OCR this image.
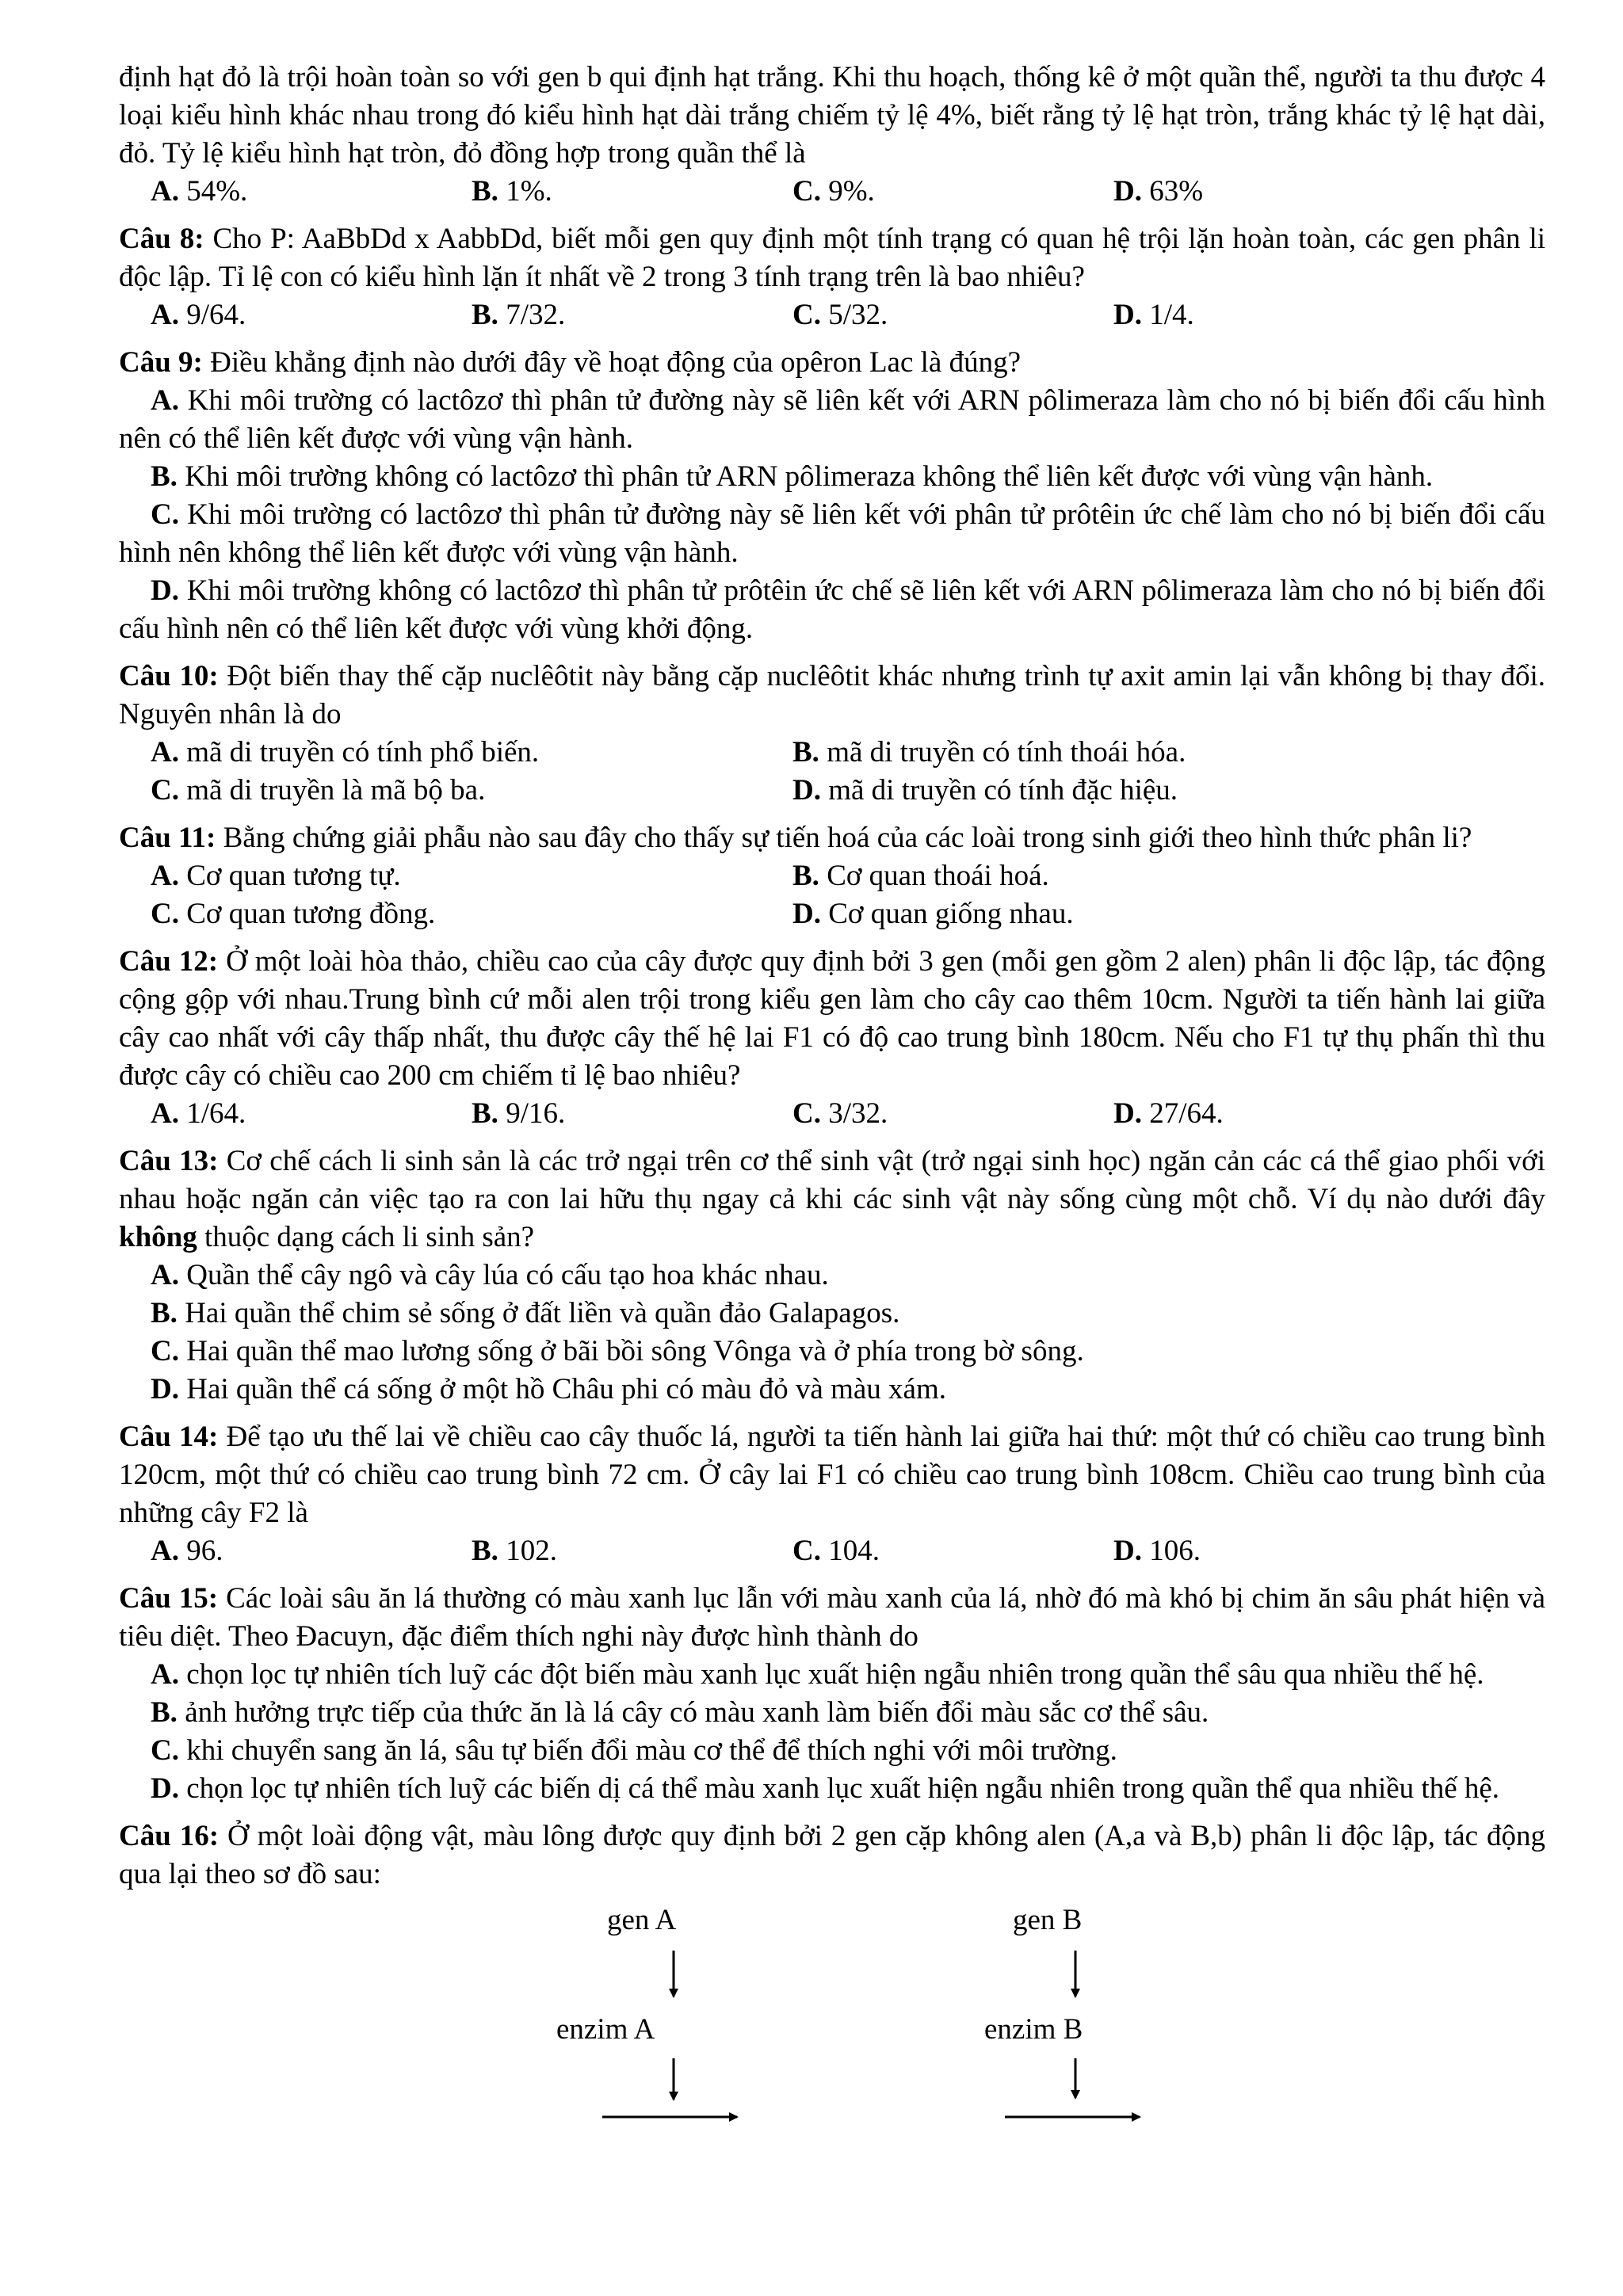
định hạt đỏ là trội hoàn toàn so với gen b qui định hạt trắng. Khi thu hoạch, thống kê ở một quần thể, người ta thu được 4 loại kiểu hình khác nhau trong đó kiểu hình hạt dài trắng chiếm tỷ lệ 4%, biết rằng tỷ lệ hạt tròn, trắng khác tỷ lệ hạt dài, đỏ. Tỷ lệ kiểu hình hạt tròn, đỏ đồng hợp trong quần thể là

A. 54%.	B. 1%.	C. 9%.	D. 63%

Câu 8: Cho P: AaBbDd x AabbDd, biết mỗi gen quy định một tính trạng có quan hệ trội lặn hoàn toàn, các gen phân li độc lập. Tỉ lệ con có kiểu hình lặn ít nhất về 2 trong 3 tính trạng trên là bao nhiêu?

A. 9/64.	B. 7/32.	C. 5/32.	D. 1/4.

Câu 9: Điều khẳng định nào dưới đây về hoạt động của opêron Lac là đúng?

A. Khi môi trường có lactôzơ thì phân tử đường này sẽ liên kết với ARN pôlimeraza làm cho nó bị biến đổi cấu hình nên có thể liên kết được với vùng vận hành.

B. Khi môi trường không có lactôzơ thì phân tử ARN pôlimeraza không thể liên kết được với vùng vận hành.

C. Khi môi trường có lactôzơ thì phân tử đường này sẽ liên kết với phân tử prôtêin ức chế làm cho nó bị biến đổi cấu hình nên không thể liên kết được với vùng vận hành.

D. Khi môi trường không có lactôzơ thì phân tử prôtêin ức chế sẽ liên kết với ARN pôlimeraza làm cho nó bị biến đổi cấu hình nên có thể liên kết được với vùng khởi động.

Câu 10: Đột biến thay thế cặp nuclêôtit này bằng cặp nuclêôtit khác nhưng trình tự axit amin lại vẫn không bị thay đổi. Nguyên nhân là do

A. mã di truyền có tính phổ biến.	B. mã di truyền có tính thoái hóa.
C. mã di truyền là mã bộ ba.	D. mã di truyền có tính đặc hiệu.

Câu 11: Bằng chứng giải phẫu nào sau đây cho thấy sự tiến hoá của các loài trong sinh giới theo hình thức phân li?

A. Cơ quan tương tự.	B. Cơ quan thoái hoá.
C. Cơ quan tương đồng.	D. Cơ quan giống nhau.

Câu 12: Ở một loài hòa thảo, chiều cao của cây được quy định bởi 3 gen (mỗi gen gồm 2 alen) phân li độc lập, tác động cộng gộp với nhau.Trung bình cứ mỗi alen trội trong kiểu gen làm cho cây cao thêm 10cm. Người ta tiến hành lai giữa cây cao nhất với cây thấp nhất, thu được cây thế hệ lai F1 có độ cao trung bình 180cm. Nếu cho F1 tự thụ phấn thì thu được cây có chiều cao 200 cm chiếm tỉ lệ bao nhiêu?

A. 1/64.	B. 9/16.	C. 3/32.	D. 27/64.

Câu 13: Cơ chế cách li sinh sản là các trở ngại trên cơ thể sinh vật (trở ngại sinh học) ngăn cản các cá thể giao phối với nhau hoặc ngăn cản việc tạo ra con lai hữu thụ ngay cả khi các sinh vật này sống cùng một chỗ. Ví dụ nào dưới đây không thuộc dạng cách li sinh sản?

A. Quần thể cây ngô và cây lúa có cấu tạo hoa khác nhau.

B. Hai quần thể chim sẻ sống ở đất liền và quần đảo Galapagos.

C. Hai quần thể mao lương sống ở bãi bồi sông Vônga và ở phía trong bờ sông.

D. Hai quần thể cá sống ở một hồ Châu phi có màu đỏ và màu xám.

Câu 14: Để tạo ưu thế lai về chiều cao cây thuốc lá, người ta tiến hành lai giữa hai thứ: một thứ có chiều cao trung bình 120cm, một thứ có chiều cao trung bình 72 cm. Ở cây lai F1 có chiều cao trung bình 108cm. Chiều cao trung bình của những cây F2 là

A. 96.	B. 102.	C. 104.	D. 106.

Câu 15: Các loài sâu ăn lá thường có màu xanh lục lẫn với màu xanh của lá, nhờ đó mà khó bị chim ăn sâu phát hiện và tiêu diệt. Theo Đacuyn, đặc điểm thích nghi này được hình thành do

A. chọn lọc tự nhiên tích luỹ các đột biến màu xanh lục xuất hiện ngẫu nhiên trong quần thể sâu qua nhiều thế hệ.

B. ảnh hưởng trực tiếp của thức ăn là lá cây có màu xanh làm biến đổi màu sắc cơ thể sâu.

C. khi chuyển sang ăn lá, sâu tự biến đổi màu cơ thể để thích nghi với môi trường.

D. chọn lọc tự nhiên tích luỹ các biến dị cá thể màu xanh lục xuất hiện ngẫu nhiên trong quần thể qua nhiều thế hệ.

Câu 16: Ở một loài động vật, màu lông được quy định bởi 2 gen cặp không alen (A,a và B,b) phân li độc lập, tác động qua lại theo sơ đồ sau:

gen A	gen B
enzim A	enzim B
